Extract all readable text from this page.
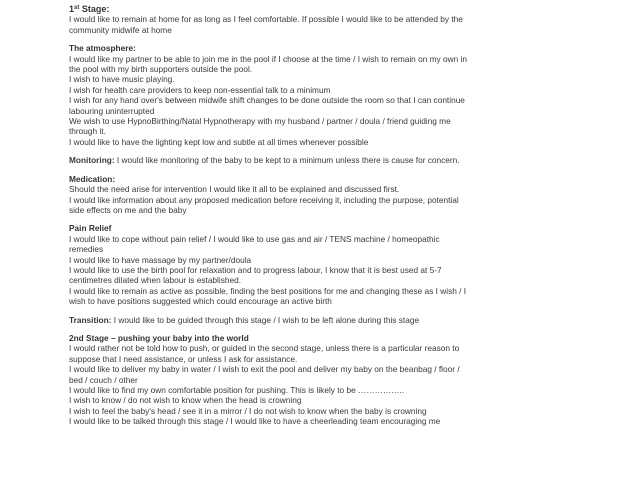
1st Stage:
I would like to remain at home for as long as I feel comfortable. If possible I would like to be attended by the
community midwife at home
The atmosphere:
I would like my partner to be able to join me in the pool if I choose at the time / I wish to remain on my own in
the pool with my birth supporters outside the pool.
I wish to have music playing.
I wish for health care providers to keep non-essential talk to a minimum
I wish for any hand over's between midwife shift changes to be done outside the room so that I can continue
labouring uninterrupted
We wish to use HypnoBirthing/Natal Hypnotherapy with my husband / partner / doula / friend guiding me
through it.
I would like to have the lighting kept low and subtle at all times whenever possible
Monitoring: I would like monitoring of the baby to be kept to a minimum unless there is cause for concern.
Medication:
Should the need arise for intervention I would like it all to be explained and discussed first.
I would like information about any proposed medication before receiving it, including the purpose, potential
side effects on me and the baby
Pain Relief
I would like to cope without pain relief / I would like to use gas and air / TENS machine / homeopathic
remedies
I would like to have massage by my partner/doula
I would like to use the birth pool for relaxation and to progress labour, I know that it is best used at 5-7
centimetres dilated when labour is established.
I would like to remain as active as possible, finding the best positions for me and changing these as I wish / I
wish to have positions suggested which could encourage an active birth
Transition: I would like to be guided through this stage / I wish to be left alone during this stage
2nd Stage – pushing your baby into the world
I would rather not be told how to push, or guided in the second stage, unless there is a particular reason to
suppose that I need assistance, or unless I ask for assistance.
I would like to deliver my baby in water / I wish to exit the pool and deliver my baby on the beanbag / floor /
bed / couch / other
I would like to find my own comfortable position for pushing. This is likely to be ……………..
I wish to know / do not wish to know when the head is crowning
I wish to feel the baby's head / see it in a mirror / I do not wish to know when the baby is crowning
I would like to be talked through this stage / I would like to have a cheerleading team encouraging me
